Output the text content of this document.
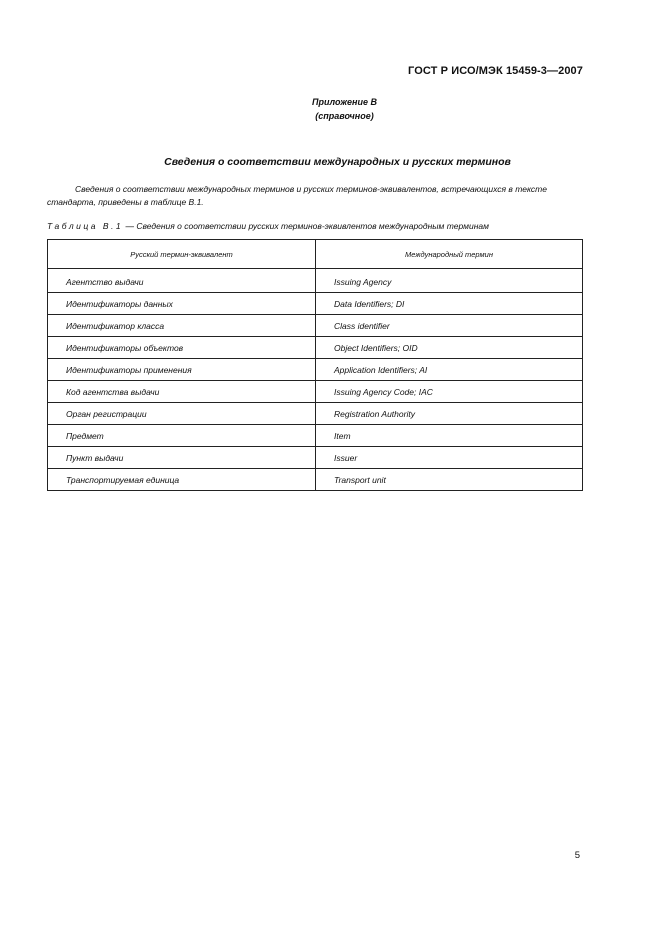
ГОСТ Р ИСО/МЭК 15459-3—2007
Приложение В
(справочное)
Сведения о соответствии международных и русских терминов

Сведения о соответствии международных терминов и русских терминов-эквивалентов, встречающихся в тексте стандарта, приведены в таблице В.1.

Таблица В.1 — Сведения о соответствии русских терминов-эквивлентов международным терминам
Русский термин-эквивалент	Международный термин
Агентство выдачи	Issuing Agency
Идентификаторы данных	Data Identifiers; DI
Идентификатор класса	Class identifier
Идентификаторы объектов	Object Identifiers; OID
Идентификаторы применения	Application Identifiers; AI
Код агентства выдачи	Issuing Agency Code; IAC
Орган регистрации	Registration Authority
Предмет	Item
Пункт выдачи	Issuer
Транспортируемая единица	Transport unit
5
